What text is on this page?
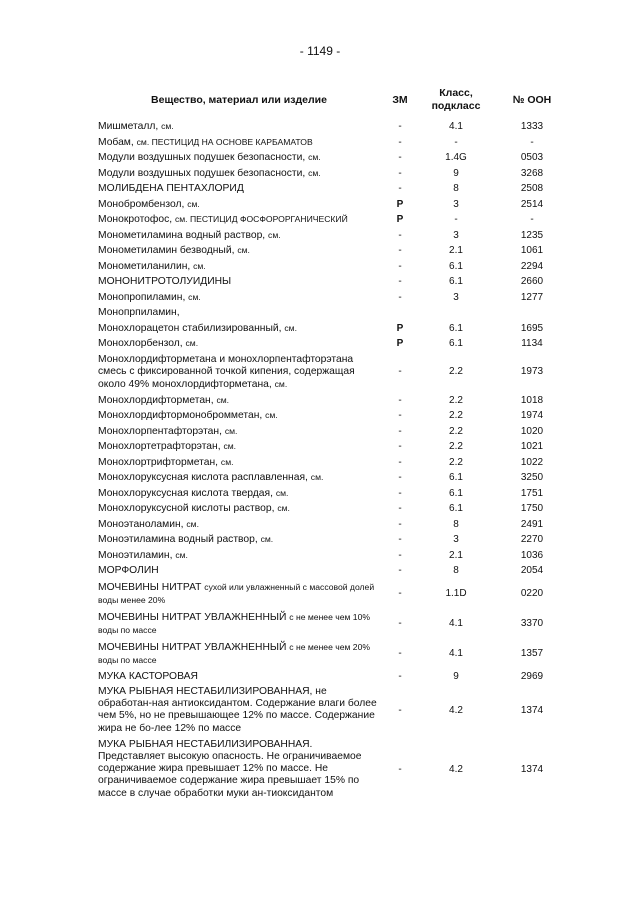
- 1149 -
Вещество, материал или изделие	ЗМ	Класс, подкласс	№ ООН
Мишметалл, см.	-	4.1	1333
Мобам, см. ПЕСТИЦИД НА ОСНОВЕ КАРБАМАТОВ	-	-	-
Модули воздушных подушек безопасности, см.	-	1.4G	0503
Модули воздушных подушек безопасности, см.	-	9	3268
МОЛИБДЕНА ПЕНТАХЛОРИД	-	8	2508
Монобромбензол, см.	P	3	2514
Монокротофос, см. ПЕСТИЦИД ФОСФОРОРГАНИЧЕСКИЙ	P	-	-
Монометиламина водный раствор, см.	-	3	1235
Монометиламин безводный, см.	-	2.1	1061
Монометиланилин, см.	-	6.1	2294
МОНОНИТРОТОЛУИДИНЫ	-	6.1	2660
Монопропиламин, см.	-	3	1277
Монопрпиламин,			
Монохлорацетон стабилизированный, см.	P	6.1	1695
Монохлорбензол, см.	P	6.1	1134
Монохлордифторметана и монохлорпентафторэтана смесь с фиксированной точкой кипения, содержащая около 49% монохлордифторметана, см.	-	2.2	1973
Монохлордифторметан, см.	-	2.2	1018
Монохлордифтормонобромметан, см.	-	2.2	1974
Монохлорпентафторэтан, см.	-	2.2	1020
Монохлортетрафторэтан, см.	-	2.2	1021
Монохлортрифторметан, см.	-	2.2	1022
Монохлоруксусная кислота расплавленная, см.	-	6.1	3250
Монохлоруксусная кислота твердая, см.	-	6.1	1751
Монохлоруксусной кислоты раствор, см.	-	6.1	1750
Моноэтаноламин, см.	-	8	2491
Моноэтиламина водный раствор, см.	-	3	2270
Моноэтиламин, см.	-	2.1	1036
МОРФОЛИН	-	8	2054
МОЧЕВИНЫ НИТРАТ сухой или увлажненный с массовой долей воды менее 20%	-	1.1D	0220
МОЧЕВИНЫ НИТРАТ УВЛАЖНЕННЫЙ с не менее чем 10% воды по массе	-	4.1	3370
МОЧЕВИНЫ НИТРАТ УВЛАЖНЕННЫЙ с не менее чем 20% воды по массе	-	4.1	1357
МУКА КАСТОРОВАЯ	-	9	2969
МУКА РЫБНАЯ НЕСТАБИЛИЗИРОВАННАЯ, не обработан-ная антиоксидантом. Содержание влаги более чем 5%, но не превышающее 12% по массе. Содержание жира не бо-лее 12% по массе	-	4.2	1374
МУКА РЫБНАЯ НЕСТАБИЛИЗИРОВАННАЯ. Представляет высокую опасность. Не ограничиваемое содержание жира превышает 12% по массе. Не ограничиваемое содержание жира превышает 15% по массе в случае обработки муки ан-тиоксидантом	-	4.2	1374
